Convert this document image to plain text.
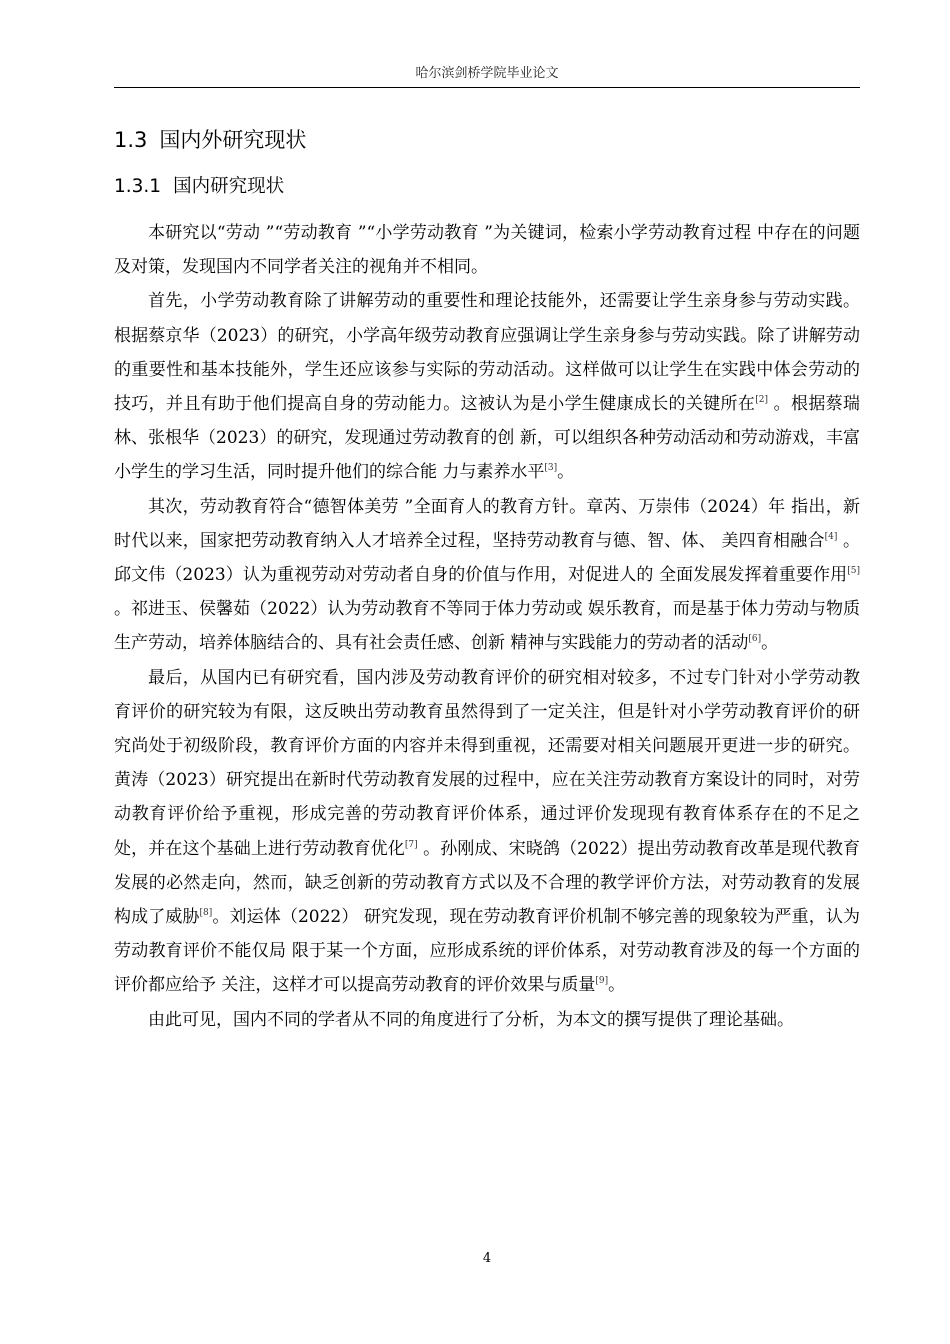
哈尔滨剑桥学院毕业论文
1.3 国内外研究现状
1.3.1 国内研究现状

本研究以“劳动 ”“劳动教育 ”“小学劳动教育 ”为关键词，检索小学劳动教育过程 中存在的问题及对策，发现国内不同学者关注的视角并不相同。

首先，小学劳动教育除了讲解劳动的重要性和理论技能外，还需要让学生亲身参与劳动实践。根据蔡京华（2023）的研究，小学高年级劳动教育应强调让学生亲身参与劳动实践。除了讲解劳动的重要性和基本技能外，学生还应该参与实际的劳动活动。这样做可以让学生在实践中体会劳动的技巧，并且有助于他们提高自身的劳动能力。这被认为是小学生健康成长的关键所在[2] 。根据蔡瑞林、张根华（2023）的研究，发现通过劳动教育的创 新，可以组织各种劳动活动和劳动游戏，丰富小学生的学习生活，同时提升他们的综合能 力与素养水平[3]。

其次，劳动教育符合“德智体美劳 ”全面育人的教育方针。章芮、万崇伟（2024）年 指出，新时代以来，国家把劳动教育纳入人才培养全过程，坚持劳动教育与德、智、体、 美四育相融合[4] 。邱文伟（2023）认为重视劳动对劳动者自身的价值与作用，对促进人的 全面发展发挥着重要作用[5] 。祁进玉、侯馨茹（2022）认为劳动教育不等同于体力劳动或 娱乐教育，而是基于体力劳动与物质生产劳动，培养体脑结合的、具有社会责任感、创新 精神与实践能力的劳动者的活动[6]。

最后，从国内已有研究看，国内涉及劳动教育评价的研究相对较多，不过专门针对小学劳动教育评价的研究较为有限，这反映出劳动教育虽然得到了一定关注，但是针对小学劳动教育评价的研究尚处于初级阶段，教育评价方面的内容并未得到重视，还需要对相关问题展开更进一步的研究。黄涛（2023）研究提出在新时代劳动教育发展的过程中，应在关注劳动教育方案设计的同时，对劳动教育评价给予重视，形成完善的劳动教育评价体系，通过评价发现现有教育体系存在的不足之处，并在这个基础上进行劳动教育优化[7] 。孙刚成、宋晓鸽（2022）提出劳动教育改革是现代教育发展的必然走向，然而，缺乏创新的劳动教育方式以及不合理的教学评价方法，对劳动教育的发展构成了威胁[8]。刘运体（2022） 研究发现，现在劳动教育评价机制不够完善的现象较为严重，认为劳动教育评价不能仅局 限于某一个方面，应形成系统的评价体系，对劳动教育涉及的每一个方面的评价都应给予 关注，这样才可以提高劳动教育的评价效果与质量[9]。

由此可见，国内不同的学者从不同的角度进行了分析，为本文的撰写提供了理论基础。

4
